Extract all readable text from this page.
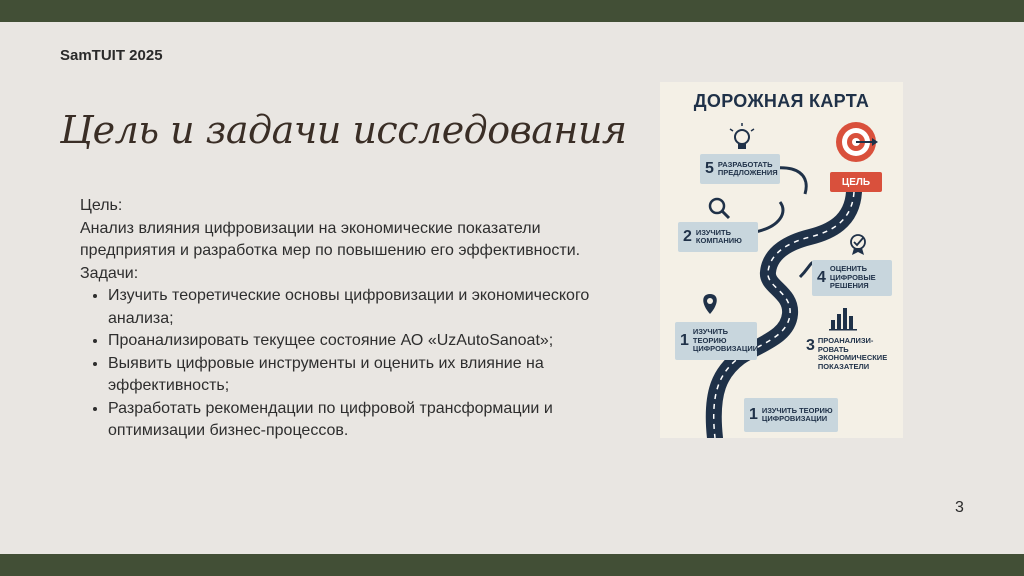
SamTUIT 2025
Цель и задачи исследования

Цель:

Анализ влияния цифровизации на экономические показатели предприятия и разработка мер по повышению его эффективности.

Задачи:

• Изучить теоретические основы цифровизации и экономического анализа;
• Проанализировать текущее состояние АО «UzAutoSanoat»;
• Выявить цифровые инструменты и оценить их влияние на эффективность;
• Разработать рекомендации по цифровой трансформации и оптимизации бизнес-процессов.
3
ДОРОЖНАЯ КАРТА
ЦЕЛЬ
5 РАЗРАБОТАТЬ ПРЕДЛОЖЕНИЯ
2 ИЗУЧИТЬ КОМПАНИЮ
4
ОЦЕНИТЬ ЦИФРОВЫЕ РЕШЕНИЯ
1
ИЗУЧИТЬ ТЕОРИЮ ЦИФРОВИЗАЦИИ	3 ПРОАНАЛИЗИ-РОВАТЬ ЭКОНОМИЧЕСКИЕ ПОКАЗАТЕЛИ
1 ИЗУЧИТЬ ТЕОРИЮ ЦИФРОВИЗАЦИИ
